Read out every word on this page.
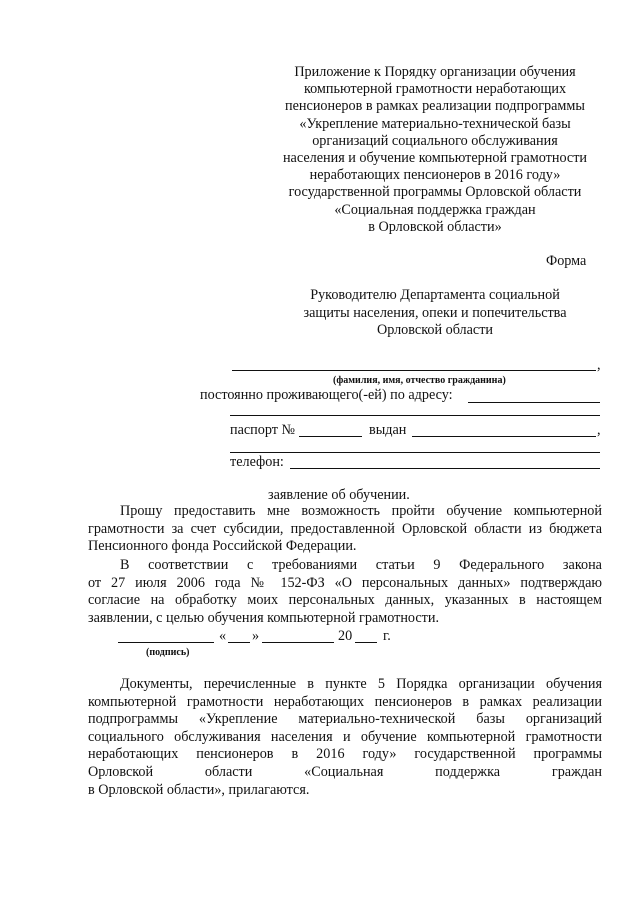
Приложение к Порядку организации обучения
компьютерной грамотности неработающих
пенсионеров в рамках реализации подпрограммы
«Укрепление материально-технической базы
организаций социального обслуживания
населения и обучение компьютерной грамотности
неработающих пенсионеров в 2016 году»
государственной программы Орловской области
«Социальная поддержка граждан
в Орловской области»
Форма
Руководителю Департамента социальной
защиты населения, опеки и попечительства
Орловской области
,
(фамилия, имя, отчество гражданина)
постоянно проживающего(-ей) по адресу:
паспорт №	выдан	,
телефон:
заявление об обучении.
Прошу предоставить мне возможность пройти обучение компьютерной
грамотности за счет субсидии, предоставленной Орловской области из бюджета
Пенсионного фонда Российской Федерации.
В соответствии с требованиями статьи 9 Федерального закона
от 27 июля 2006 года № 152-ФЗ «О персональных данных» подтверждаю
согласие на обработку моих персональных данных, указанных в настоящем
заявлении, с целью обучения компьютерной грамотности.
« »	20 г.
(подпись)
Документы, перечисленные в пункте 5 Порядка организации обучения
компьютерной грамотности неработающих пенсионеров в рамках реализации
подпрограммы «Укрепление материально-технической базы организаций
социального обслуживания населения и обучение компьютерной грамотности
неработающих пенсионеров в 2016 году» государственной программы
Орловской области «Социальная поддержка граждан
в Орловской области», прилагаются.
